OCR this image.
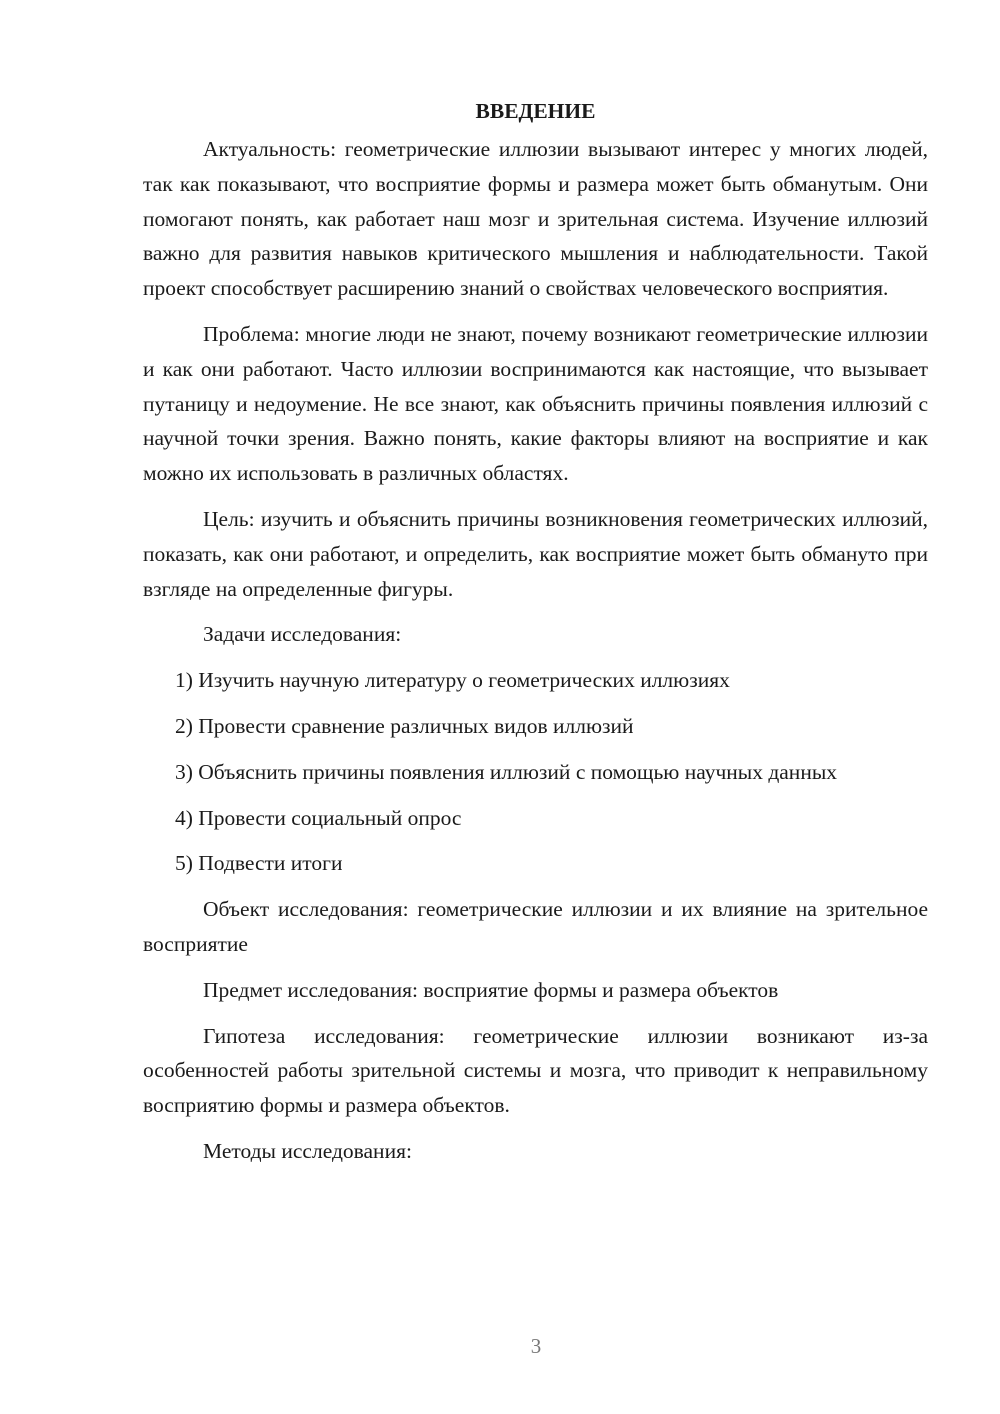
ВВЕДЕНИЕ

Актуальность: геометрические иллюзии вызывают интерес у многих людей, так как показывают, что восприятие формы и размера может быть обманутым. Они помогают понять, как работает наш мозг и зрительная система. Изучение иллюзий важно для развития навыков критического мышления и наблюдательности. Такой проект способствует расширению знаний о свойствах человеческого восприятия.

Проблема: многие люди не знают, почему возникают геометрические иллюзии и как они работают. Часто иллюзии воспринимаются как настоящие, что вызывает путаницу и недоумение. Не все знают, как объяснить причины появления иллюзий с научной точки зрения. Важно понять, какие факторы влияют на восприятие и как можно их использовать в различных областях.

Цель: изучить и объяснить причины возникновения геометрических иллюзий, показать, как они работают, и определить, как восприятие может быть обмануто при взгляде на определенные фигуры.

Задачи исследования:

1) Изучить научную литературу о геометрических иллюзиях

2) Провести сравнение различных видов иллюзий

3) Объяснить причины появления иллюзий с помощью научных данных

4) Провести социальный опрос

5) Подвести итоги

Объект исследования: геометрические иллюзии и их влияние на зрительное восприятие

Предмет исследования: восприятие формы и размера объектов

Гипотеза исследования: геометрические иллюзии возникают из-за особенностей работы зрительной системы и мозга, что приводит к неправильному восприятию формы и размера объектов.

Методы исследования:

3
